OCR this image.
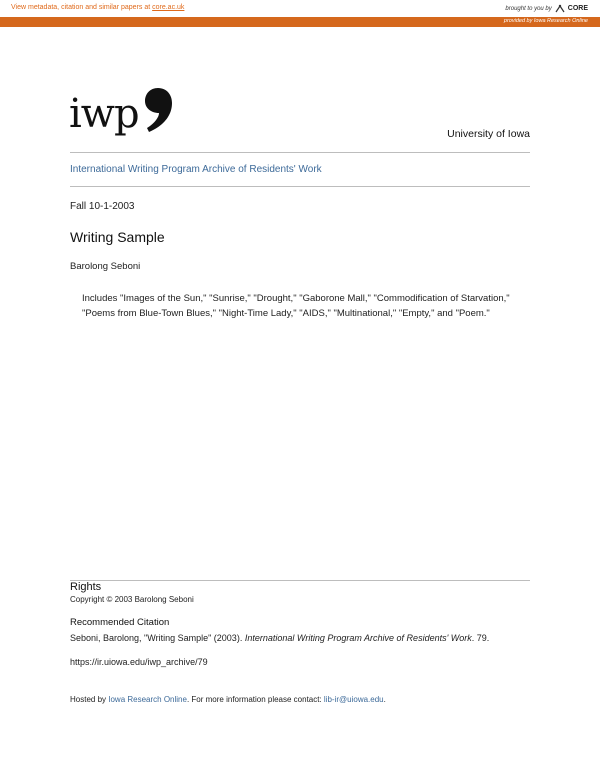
View metadata, citation and similar papers at core.ac.uk	brought to you by CORE
provided by Iowa Research Online
iwp	University of Iowa
International Writing Program Archive of Residents' Work
Fall 10-1-2003
Writing Sample
Barolong Seboni
Includes "Images of the Sun," "Sunrise," "Drought," "Gaborone Mall," "Commodification of Starvation," "Poems from Blue-Town Blues," "Night-Time Lady," "AIDS," "Multinational," "Empty," and "Poem."
Rights
Copyright © 2003 Barolong Seboni
Recommended Citation
Seboni, Barolong, "Writing Sample" (2003). International Writing Program Archive of Residents' Work. 79.
https://ir.uiowa.edu/iwp_archive/79
Hosted by Iowa Research Online. For more information please contact: lib-ir@uiowa.edu.
